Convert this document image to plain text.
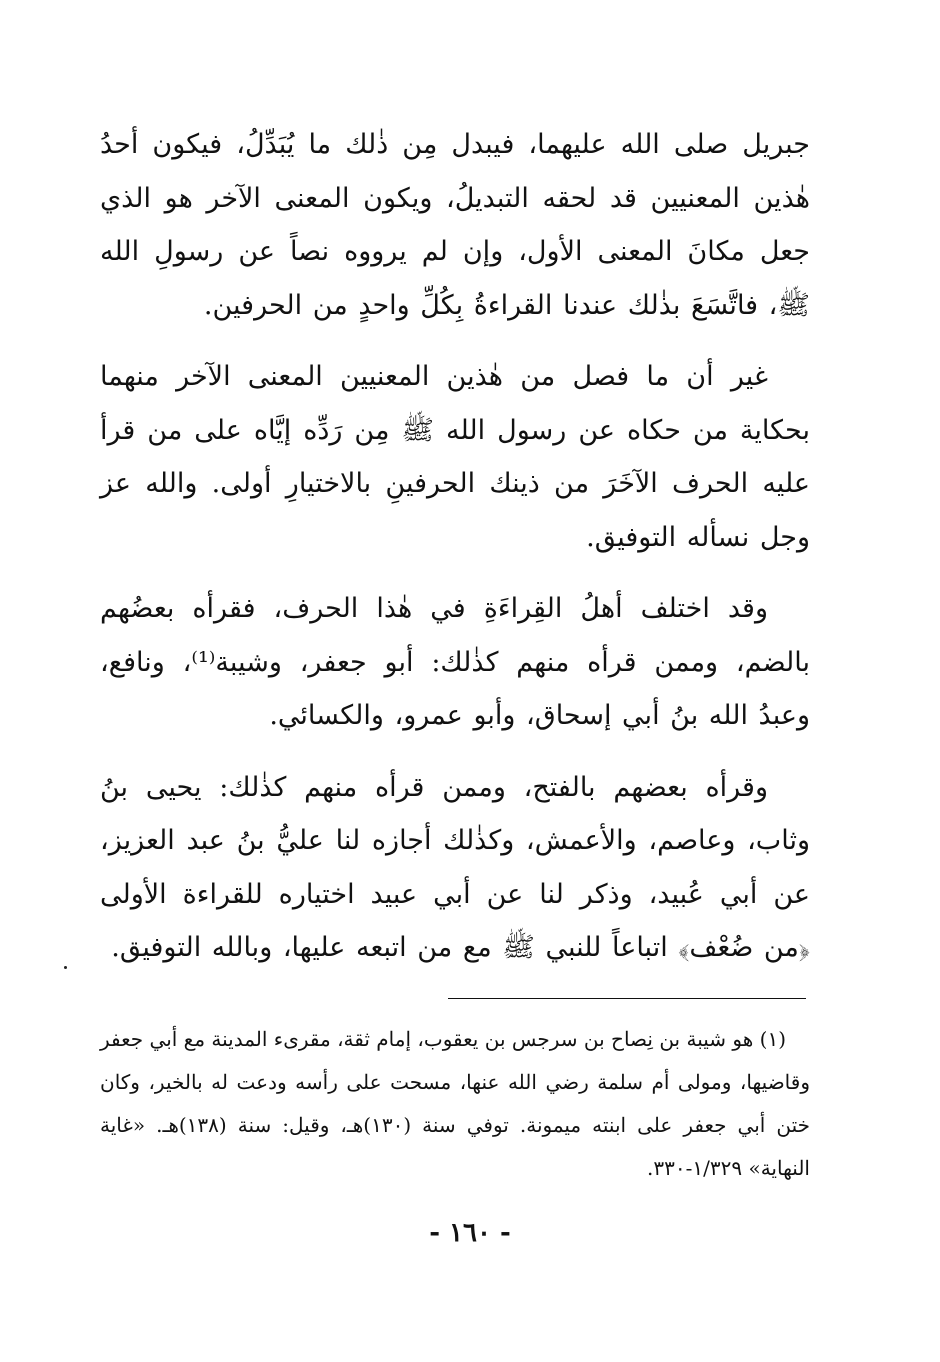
جبريل صلى الله عليهما، فيبدل مِن ذٰلك ما يُبَدِّلُ، فيكون أحدُ هٰذين المعنيين قد لحقه التبديلُ، ويكون المعنى الآخر هو الذي جعل مكانَ المعنى الأول، وإن لم يرووه نصاً عن رسولِ الله ﷺ، فاتَّسَعَ بذٰلك عندنا القراءةُ بِكُلِّ واحدٍ من الحرفين.

غير أن ما فصل من هٰذين المعنيين المعنى الآخر منهما بحكاية من حكاه عن رسول الله ﷺ مِن رَدِّه إيَّاه على من قرأ عليه الحرف الآخَرَ من ذينك الحرفينِ بالاختيارِ أولى. والله عز وجل نسأله التوفيق.

وقد اختلف أهلُ القِراءَةِ في هٰذا الحرف، فقرأه بعضُهم بالضم، وممن قرأه منهم كذٰلك: أبو جعفر، وشيبة⁽¹⁾، ونافع، وعبدُ الله بنُ أبي إسحاق، وأبو عمرو، والكسائي.

وقرأه بعضهم بالفتح، وممن قرأه منهم كذٰلك: يحيى بنُ وثاب، وعاصم، والأعمش، وكذٰلك أجازه لنا عليُّ بنُ عبد العزيز، عن أبي عُبيد، وذكر لنا عن أبي عبيد اختياره للقراءة الأولى ﴿من ضُعْف﴾ اتباعاً للنبي ﷺ مع من اتبعه عليها، وبالله التوفيق.

(١) هو شيبة بن نِصاح بن سرجس بن يعقوب، إمام ثقة، مقرىء المدينة مع أبي جعفر وقاضيها، ومولى أم سلمة رضي الله عنها، مسحت على رأسه ودعت له بالخير، وكان ختن أبي جعفر على ابنته ميمونة. توفي سنة (١٣٠)هـ، وقيل: سنة (١٣٨)هـ. «غاية النهاية» ١/٣٢٩-٣٣٠.

- ١٦٠ -
